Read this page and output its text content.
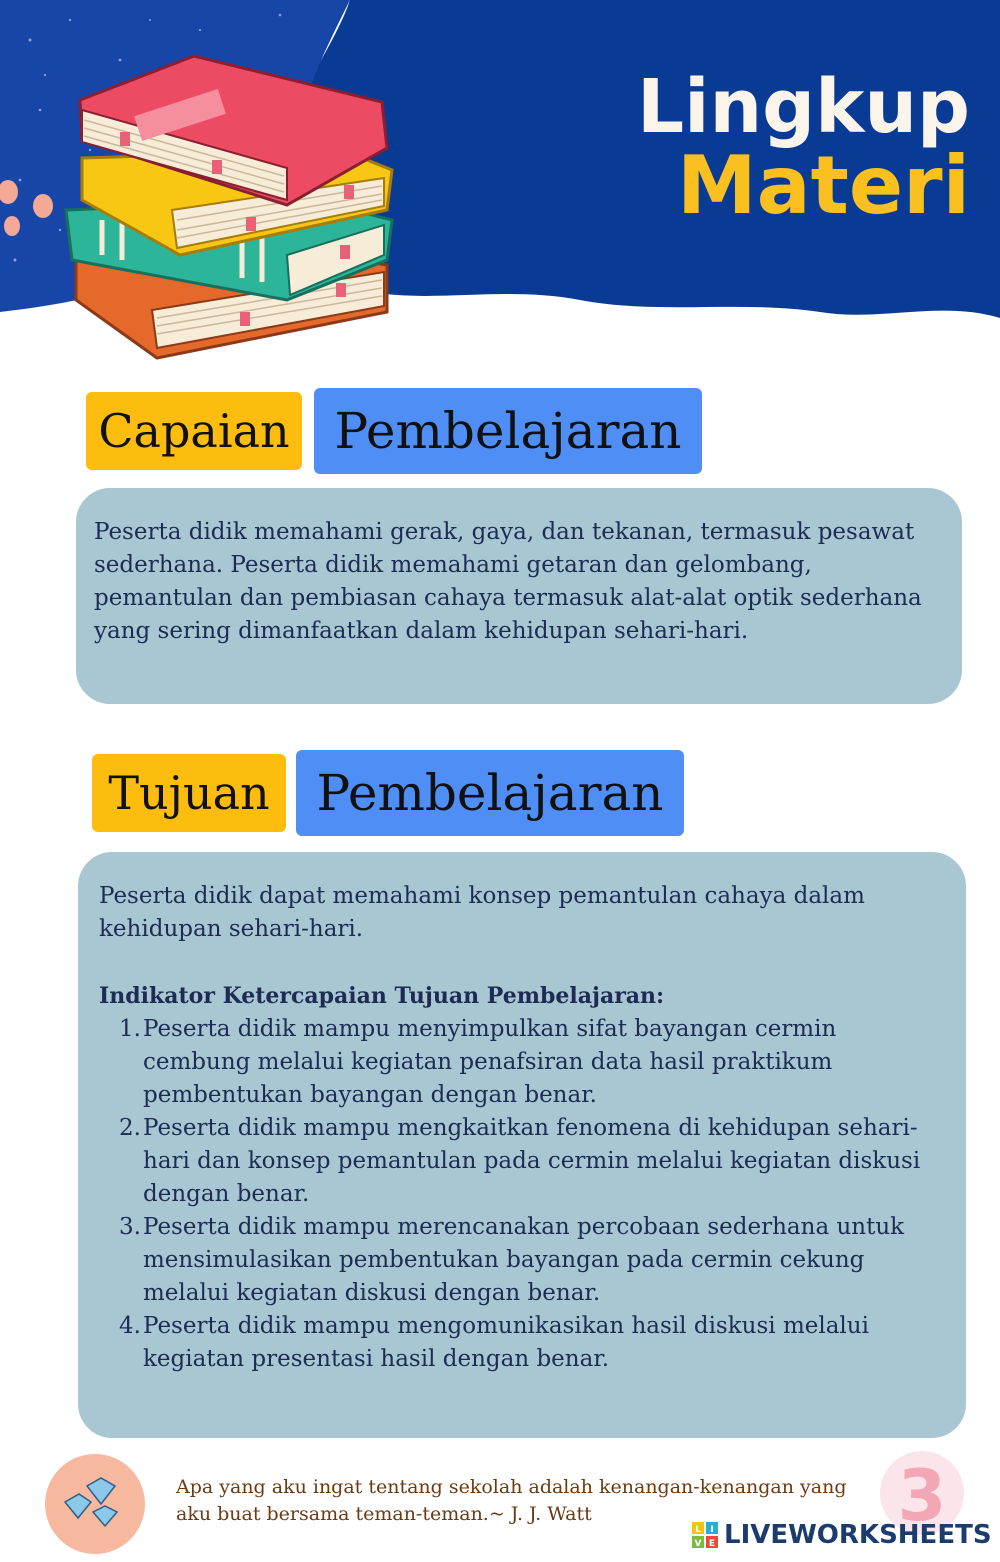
Lingkup
Materi
Capaian Pembelajaran

Peserta didik memahami gerak, gaya, dan tekanan, termasuk pesawat sederhana. Peserta didik memahami getaran dan gelombang, pemantulan dan pembiasan cahaya termasuk alat-alat optik sederhana yang sering dimanfaatkan dalam kehidupan sehari-hari.

Tujuan Pembelajaran

Peserta didik dapat memahami konsep pemantulan cahaya dalam kehidupan sehari-hari.

Indikator Ketercapaian Tujuan Pembelajaran:

1. Peserta didik mampu menyimpulkan sifat bayangan cermin cembung melalui kegiatan penafsiran data hasil praktikum pembentukan bayangan dengan benar.
2. Peserta didik mampu mengkaitkan fenomena di kehidupan sehari-hari dan konsep pemantulan pada cermin melalui kegiatan diskusi dengan benar.
3. Peserta didik mampu merencanakan percobaan sederhana untuk mensimulasikan pembentukan bayangan pada cermin cekung melalui kegiatan diskusi dengan benar.
4. Peserta didik mampu mengomunikasikan hasil diskusi melalui kegiatan presentasi hasil dengan benar.

Apa yang aku ingat tentang sekolah adalah kenangan-kenangan yang aku buat bersama teman-teman.~ J. J. Watt	3
L I
V E LIVEWORKSHEETS
